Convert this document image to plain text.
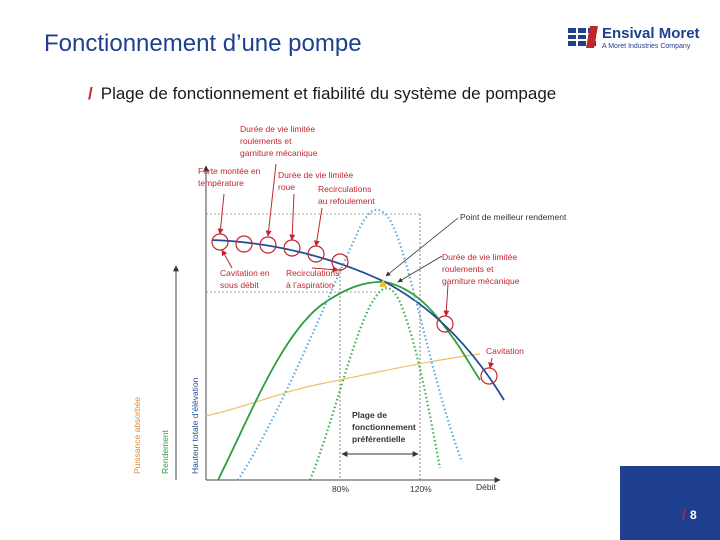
Fonctionnement d’une pompe	Ensival Moret
A Moret Industries Company
/ Plage de fonctionnement et fiabilité du système de pompage
Durée de vie limitée
roulements et
garniture mécanique
Forte montée en
température
Durée de vie limitée
roue	Recirculations
au refoulement
Cavitation en
sous débit
Recirculations
à l’aspiration
Durée de vie limitée
roulements et
garniture mécanique
Cavitation
Point de meilleur rendement
Plage de
fonctionnement
préférentielle
80%	120%	Débit
Puissance absorbée Rendement Hauteur totale d’élévation
/ 8
